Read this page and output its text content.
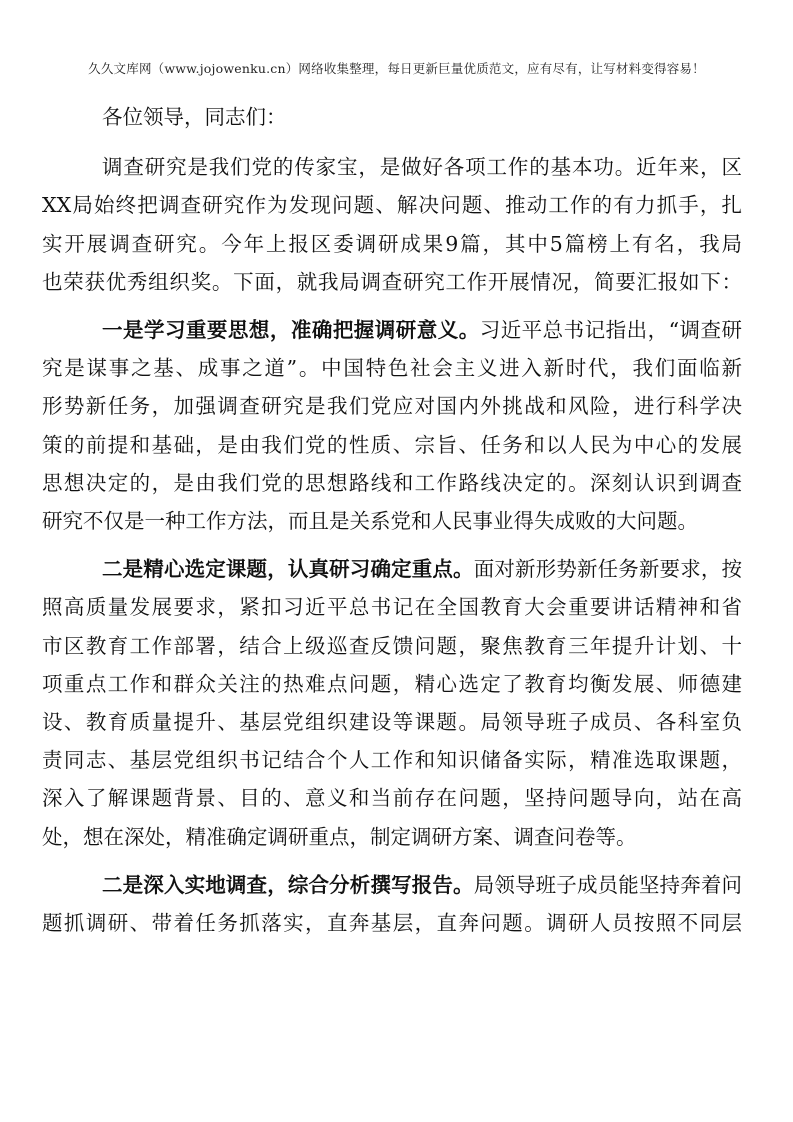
久久文库网（www.jojowenku.cn）网络收集整理，每日更新巨量优质范文，应有尽有，让写材料变得容易！
各位领导，同志们：
调查研究是我们党的传家宝，是做好各项工作的基本功。近年来，区
XX局始终把调查研究作为发现问题、解决问题、推动工作的有力抓手，扎
实开展调查研究。今年上报区委调研成果9篇，其中5篇榜上有名，我局
也荣获优秀组织奖。下面，就我局调查研究工作开展情况，简要汇报如下：
一是学习重要思想，准确把握调研意义。习近平总书记指出，“调查研
究是谋事之基、成事之道”。中国特色社会主义进入新时代，我们面临新
形势新任务，加强调查研究是我们党应对国内外挑战和风险，进行科学决
策的前提和基础，是由我们党的性质、宗旨、任务和以人民为中心的发展
思想决定的，是由我们党的思想路线和工作路线决定的。深刻认识到调查
研究不仅是一种工作方法，而且是关系党和人民事业得失成败的大问题。
二是精心选定课题，认真研习确定重点。面对新形势新任务新要求，按
照高质量发展要求，紧扣习近平总书记在全国教育大会重要讲话精神和省
市区教育工作部署，结合上级巡查反馈问题，聚焦教育三年提升计划、十
项重点工作和群众关注的热难点问题，精心选定了教育均衡发展、师德建
设、教育质量提升、基层党组织建设等课题。局领导班子成员、各科室负
责同志、基层党组织书记结合个人工作和知识储备实际，精准选取课题，
深入了解课题背景、目的、意义和当前存在问题，坚持问题导向，站在高
处，想在深处，精准确定调研重点，制定调研方案、调查问卷等。
二是深入实地调查，综合分析撰写报告。局领导班子成员能坚持奔着问
题抓调研、带着任务抓落实，直奔基层，直奔问题。调研人员按照不同层
